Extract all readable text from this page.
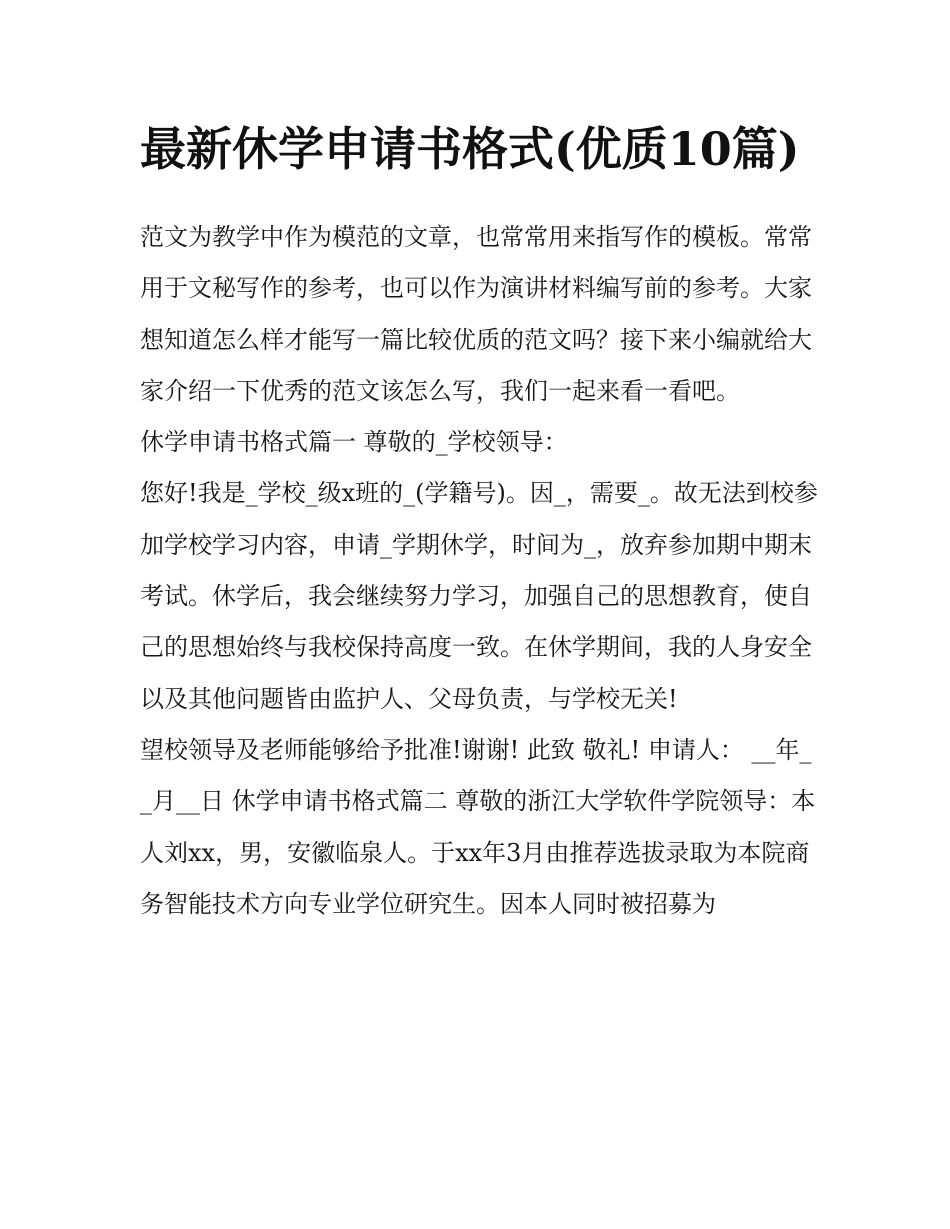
最新休学申请书格式(优质10篇)

范文为教学中作为模范的文章，也常常用来指写作的模板。常常用于文秘写作的参考，也可以作为演讲材料编写前的参考。大家想知道怎么样才能写一篇比较优质的范文吗？接下来小编就给大家介绍一下优秀的范文该怎么写，我们一起来看一看吧。

休学申请书格式篇一 尊敬的_学校领导：

您好!我是_学校_级x班的_(学籍号)。因_，需要_。故无法到校参加学校学习内容，申请_学期休学，时间为_，放弃参加期中期末考试。休学后，我会继续努力学习，加强自己的思想教育，使自己的思想始终与我校保持高度一致。在休学期间，我的人身安全以及其他问题皆由监护人、父母负责，与学校无关!

望校领导及老师能够给予批准!谢谢! 此致 敬礼! 申请人： __年__月__日 休学申请书格式篇二 尊敬的浙江大学软件学院领导：本人刘xx，男，安徽临泉人。于xx年3月由推荐选拔录取为本院商务智能技术方向专业学位研究生。因本人同时被招募为
